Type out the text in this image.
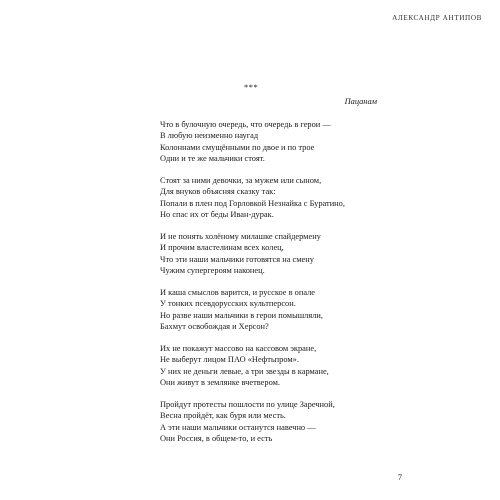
АЛЕКСАНДР АНТИПОВ
***
Пацанам
Что в булочную очередь, что очередь в герои —
В любую неизменно наугад
Колоннами смущёнными по двое и по трое
Одни и те же мальчики стоят.
Стоят за ними девочки, за мужем или сыном,
Для внуков объясняя сказку так:
Попали в плен под Горловкой Незнайка с Буратино,
Но спас их от беды Иван-дурак.
И не понять холёному милашке спайдермену
И прочим властелинам всех колец,
Что эти наши мальчики готовятся на смену
Чужим супергероям наконец.
И каша смыслов варится, и русское в опале
У тонких псевдорусских культперсон.
Но разве наши мальчики в герои помышляли,
Бахмут освобождая и Херсон?
Их не покажут массово на кассовом экране,
Не выберут лицом ПАО «Нефтьпром».
У них не деньги левые, а три звезды в кармане,
Они живут в землянке вчетвером.
Пройдут протесты пошлости по улице Заречной,
Весна пройдёт, как буря или месть.
А эти наши мальчики останутся навечно —
Они Россия, в общем-то, и есть
7
